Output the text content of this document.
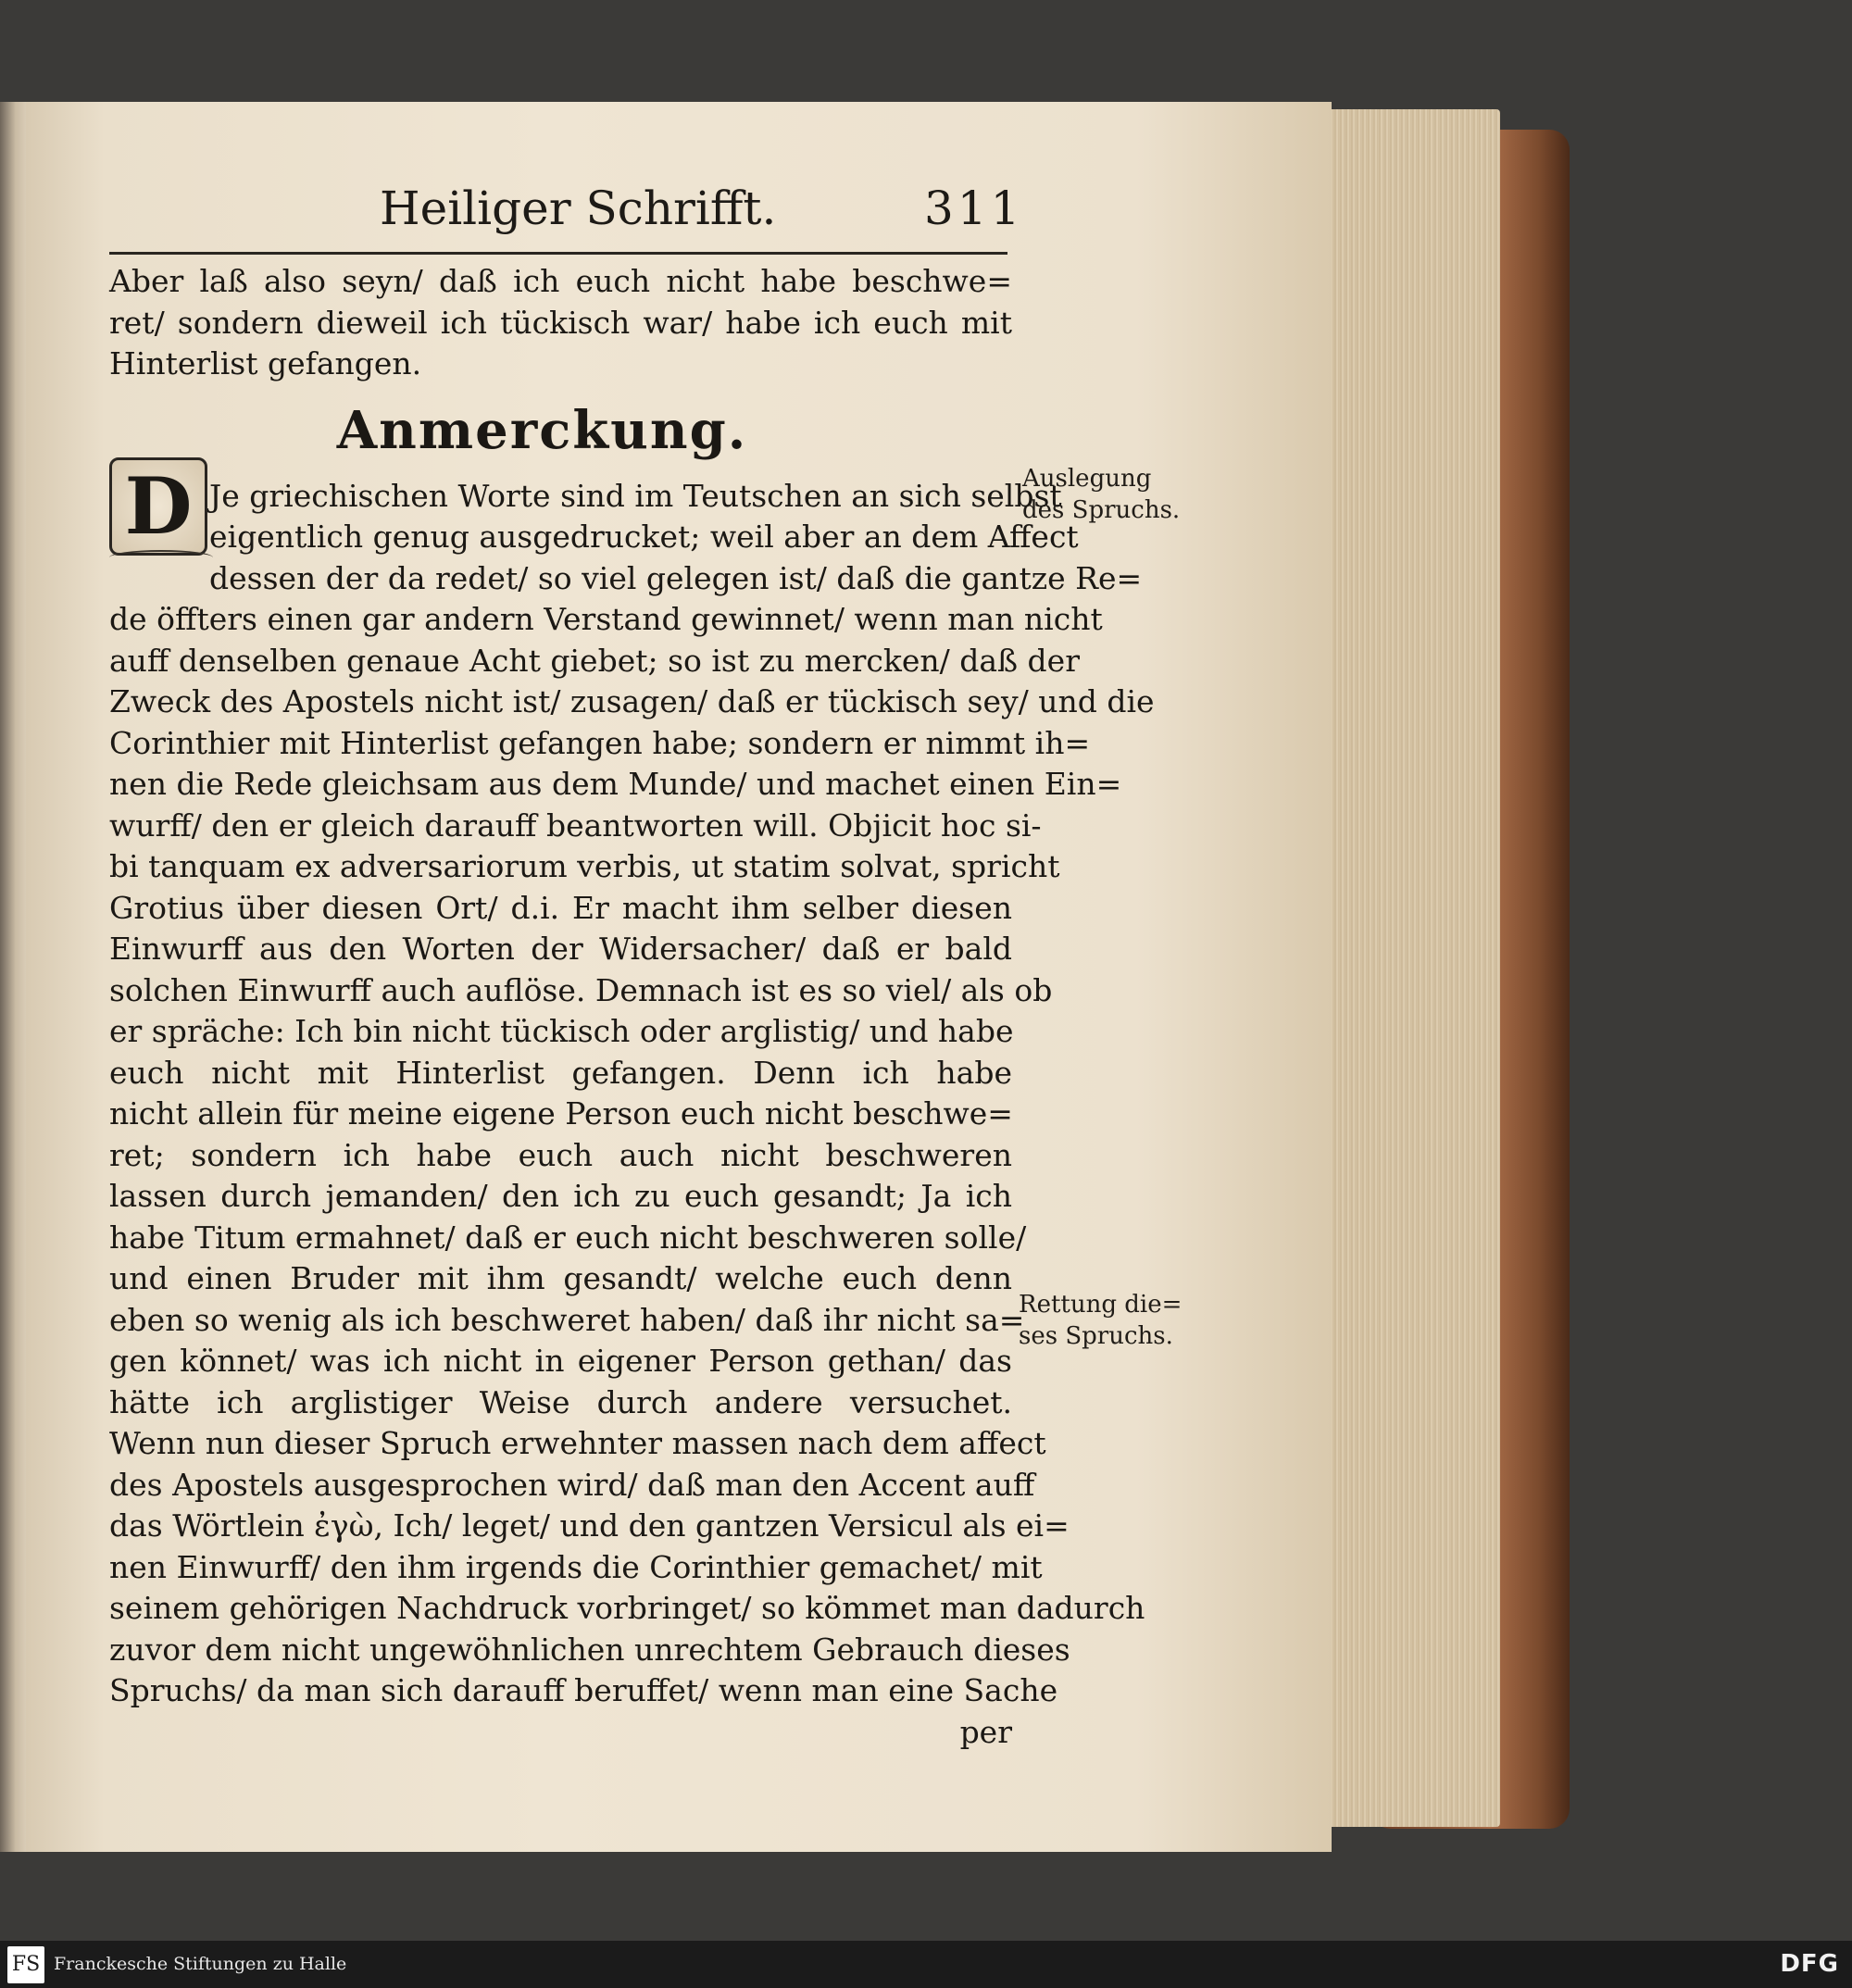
Heiliger Schrifft.	311
Aber laß also seyn/ daß ich euch nicht habe beschwe=
ret/ sondern dieweil ich tückisch war/ habe ich euch mit
Hinterlist gefangen.
Anmerckung.
Je griechischen Worte sind im Teutschen an sich selbst
eigentlich genug ausgedrucket; weil aber an dem Affect
dessen der da redet/ so viel gelegen ist/ daß die gantze Re=
de öffters einen gar andern Verstand gewinnet/ wenn man nicht
auff denselben genaue Acht giebet; so ist zu mercken/ daß der
Zweck des Apostels nicht ist/ zusagen/ daß er tückisch sey/ und die
Corinthier mit Hinterlist gefangen habe; sondern er nimmt ih=
nen die Rede gleichsam aus dem Munde/ und machet einen Ein=
wurff/ den er gleich darauff beantworten will. Objicit hoc si-
bi tanquam ex adversariorum verbis, ut statim solvat, spricht
Grotius über diesen Ort/ d.i. Er macht ihm selber diesen
Einwurff aus den Worten der Widersacher/ daß er bald
solchen Einwurff auch auflöse. Demnach ist es so viel/ als ob
er spräche: Ich bin nicht tückisch oder arglistig/ und habe
euch nicht mit Hinterlist gefangen. Denn ich habe
nicht allein für meine eigene Person euch nicht beschwe=
ret; sondern ich habe euch auch nicht beschweren
lassen durch jemanden/ den ich zu euch gesandt; Ja ich
habe Titum ermahnet/ daß er euch nicht beschweren solle/
und einen Bruder mit ihm gesandt/ welche euch denn
eben so wenig als ich beschweret haben/ daß ihr nicht sa=
gen könnet/ was ich nicht in eigener Person gethan/ das
hätte ich arglistiger Weise durch andere versuchet.
Wenn nun dieser Spruch erwehnter massen nach dem affect
des Apostels ausgesprochen wird/ daß man den Accent auff
das Wörtlein ἐγὼ, Ich/ leget/ und den gantzen Versicul als ei=
nen Einwurff/ den ihm irgends die Corinthier gemachet/ mit
seinem gehörigen Nachdruck vorbringet/ so kömmet man dadurch
zuvor dem nicht ungewöhnlichen unrechtem Gebrauch dieses
Spruchs/ da man sich darauff beruffet/ wenn man eine Sache
per
D	Auslegung
des Spruchs.
Rettung die=
ses Spruchs.
FS Franckesche Stiftungen zu Halle	DFG
